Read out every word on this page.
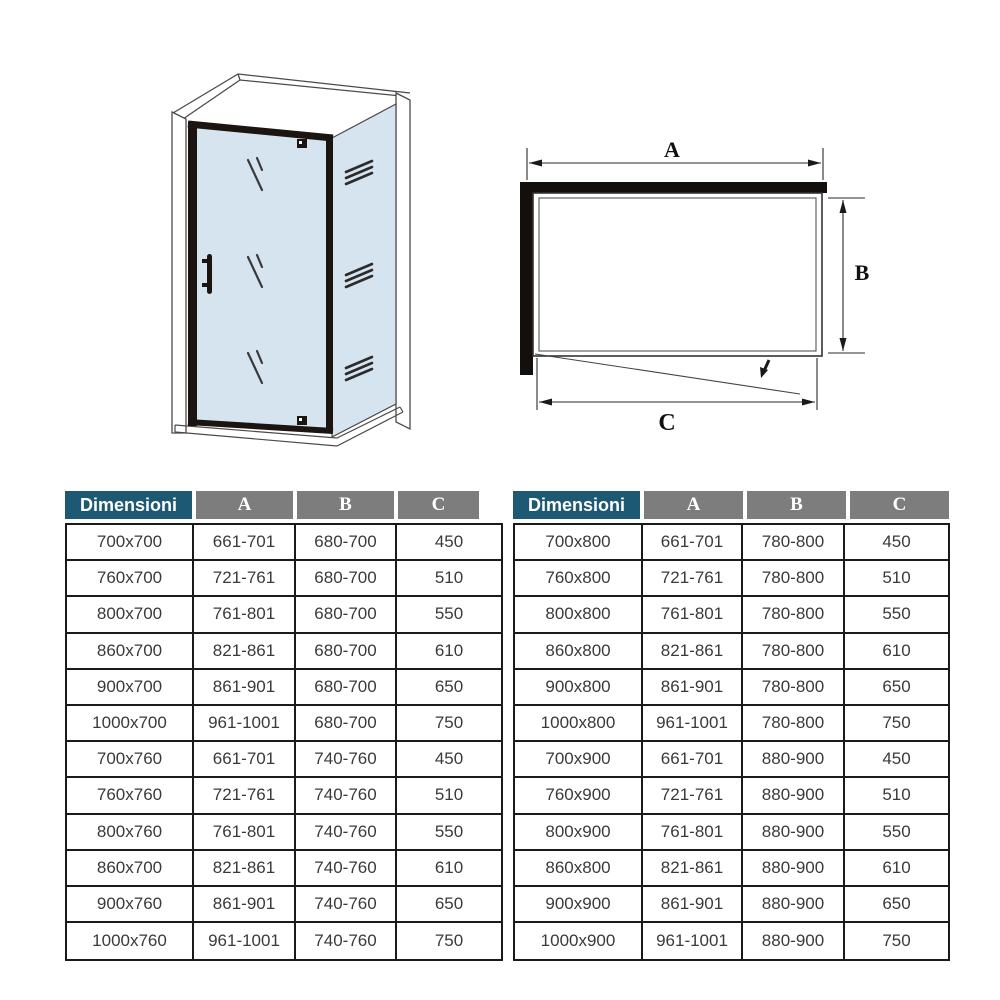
A
B
C
Dimensioni	A	B	C
700x700	661-701	680-700	450
760x700	721-761	680-700	510
800x700	761-801	680-700	550
860x700	821-861	680-700	610
900x700	861-901	680-700	650
1000x700	961-1001	680-700	750
700x760	661-701	740-760	450
760x760	721-761	740-760	510
800x760	761-801	740-760	550
860x700	821-861	740-760	610
900x760	861-901	740-760	650
1000x760	961-1001	740-760	750
Dimensioni	A	B	C
700x800	661-701	780-800	450
760x800	721-761	780-800	510
800x800	761-801	780-800	550
860x800	821-861	780-800	610
900x800	861-901	780-800	650
1000x800	961-1001	780-800	750
700x900	661-701	880-900	450
760x900	721-761	880-900	510
800x900	761-801	880-900	550
860x800	821-861	880-900	610
900x900	861-901	880-900	650
1000x900	961-1001	880-900	750
